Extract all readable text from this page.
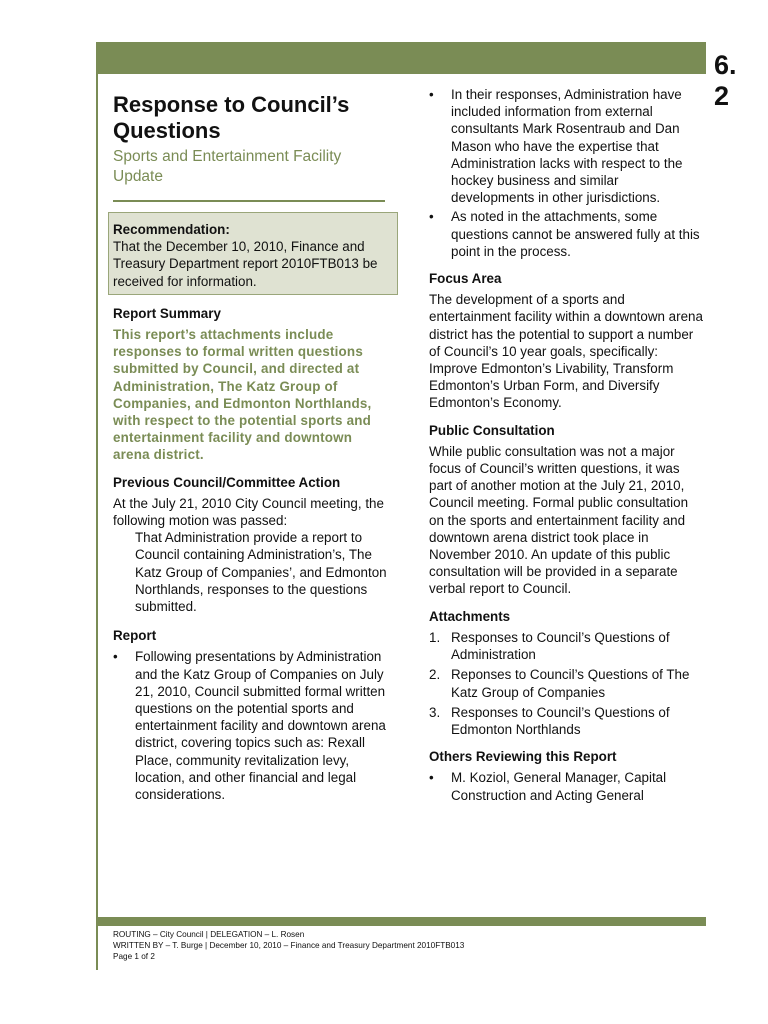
6.
2
Response to Council’s Questions
Sports and Entertainment Facility Update
Recommendation:
That the December 10, 2010, Finance and Treasury Department report 2010FTB013 be received for information.
Report Summary
This report’s attachments include responses to formal written questions submitted by Council, and directed at Administration, The Katz Group of Companies, and Edmonton Northlands, with respect to the potential sports and entertainment facility and downtown arena district.
Previous Council/Committee Action

At the July 21, 2010 City Council meeting, the following motion was passed:

That Administration provide a report to Council containing Administration’s, The Katz Group of Companies’, and Edmonton Northlands, responses to the questions submitted.

Report
• Following presentations by Administration and the Katz Group of Companies on July 21, 2010, Council submitted formal written questions on the potential sports and entertainment facility and downtown arena district, covering topics such as: Rexall Place, community revitalization levy, location, and other financial and legal considerations.
• In their responses, Administration have included information from external consultants Mark Rosentraub and Dan Mason who have the expertise that Administration lacks with respect to the hockey business and similar developments in other jurisdictions.
• As noted in the attachments, some questions cannot be answered fully at this point in the process.
Focus Area

The development of a sports and entertainment facility within a downtown arena district has the potential to support a number of Council’s 10 year goals, specifically: Improve Edmonton’s Livability, Transform Edmonton’s Urban Form, and Diversify Edmonton’s Economy.

Public Consultation

While public consultation was not a major focus of Council’s written questions, it was part of another motion at the July 21, 2010, Council meeting. Formal public consultation on the sports and entertainment facility and downtown arena district took place in November 2010. An update of this public consultation will be provided in a separate verbal report to Council.

Attachments
1. Responses to Council’s Questions of Administration
2. Reponses to Council’s Questions of The Katz Group of Companies
3. Responses to Council’s Questions of Edmonton Northlands
Others Reviewing this Report
• M. Koziol, General Manager, Capital Construction and Acting General
ROUTING – City Council | DELEGATION – L. Rosen
WRITTEN BY – T. Burge | December 10, 2010 – Finance and Treasury Department 2010FTB013
Page 1 of 2
